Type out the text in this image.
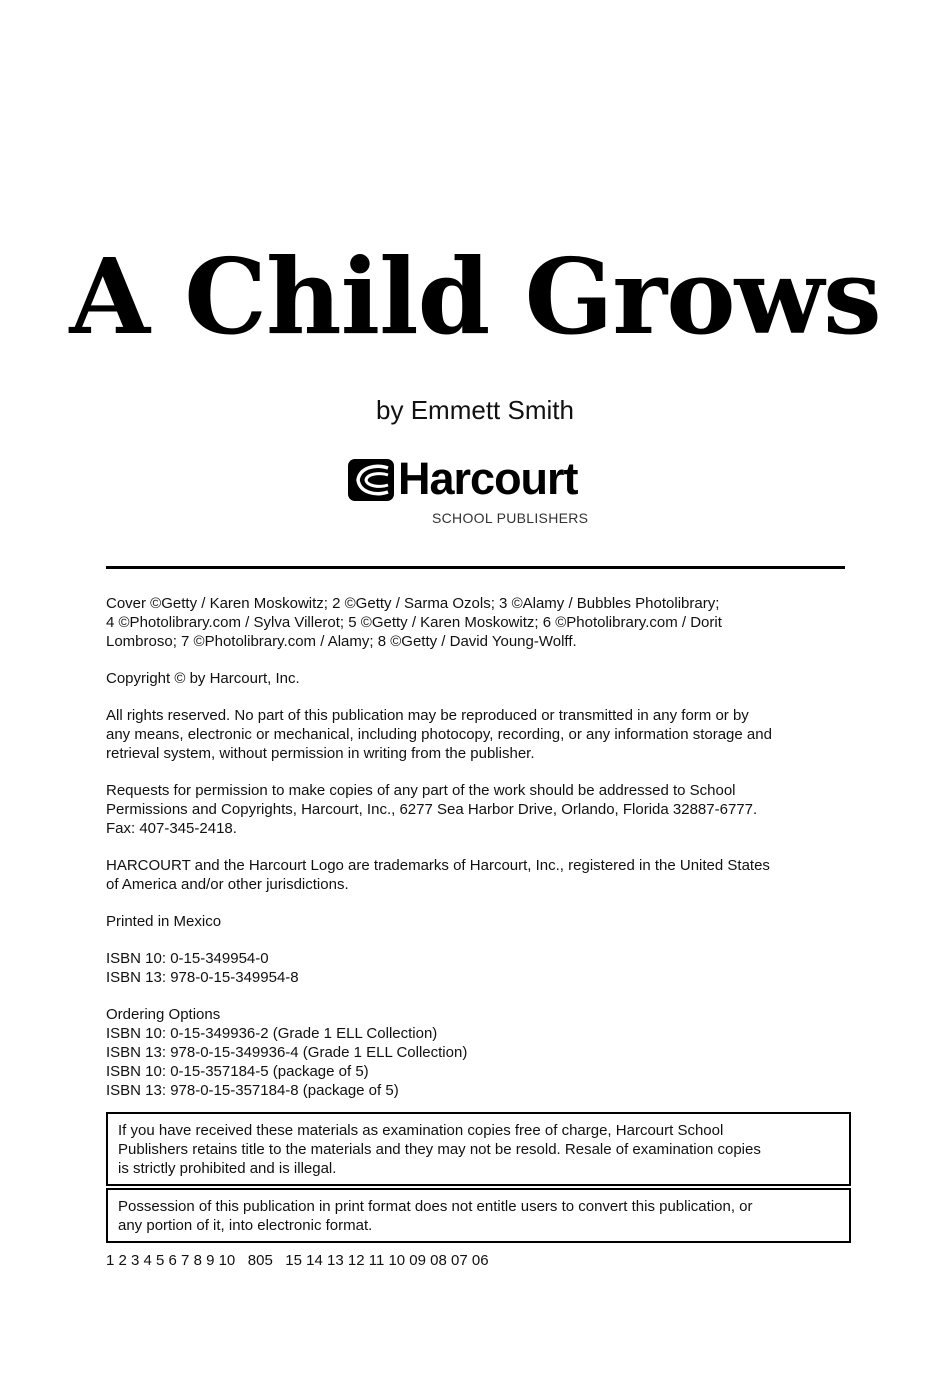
A Child Grows
by Emmett Smith
Harcourt
SCHOOL PUBLISHERS

Cover ©Getty / Karen Moskowitz; 2 ©Getty / Sarma Ozols; 3 ©Alamy / Bubbles Photolibrary;
4 ©Photolibrary.com / Sylva Villerot; 5 ©Getty / Karen Moskowitz; 6 ©Photolibrary.com / Dorit
Lombroso; 7 ©Photolibrary.com / Alamy; 8 ©Getty / David Young-Wolff.

Copyright © by Harcourt, Inc.

All rights reserved. No part of this publication may be reproduced or transmitted in any form or by
any means, electronic or mechanical, including photocopy, recording, or any information storage and
retrieval system, without permission in writing from the publisher.

Requests for permission to make copies of any part of the work should be addressed to School
Permissions and Copyrights, Harcourt, Inc., 6277 Sea Harbor Drive, Orlando, Florida 32887-6777.
Fax: 407-345-2418.

HARCOURT and the Harcourt Logo are trademarks of Harcourt, Inc., registered in the United States
of America and/or other jurisdictions.

Printed in Mexico

ISBN 10: 0-15-349954-0
ISBN 13: 978-0-15-349954-8

Ordering Options
ISBN 10: 0-15-349936-2 (Grade 1 ELL Collection)
ISBN 13: 978-0-15-349936-4 (Grade 1 ELL Collection)
ISBN 10: 0-15-357184-5 (package of 5)
ISBN 13: 978-0-15-357184-8 (package of 5)

If you have received these materials as examination copies free of charge, Harcourt School
Publishers retains title to the materials and they may not be resold. Resale of examination copies
is strictly prohibited and is illegal.
Possession of this publication in print format does not entitle users to convert this publication, or
any portion of it, into electronic format.
1 2 3 4 5 6 7 8 9 10   805   15 14 13 12 11 10 09 08 07 06
